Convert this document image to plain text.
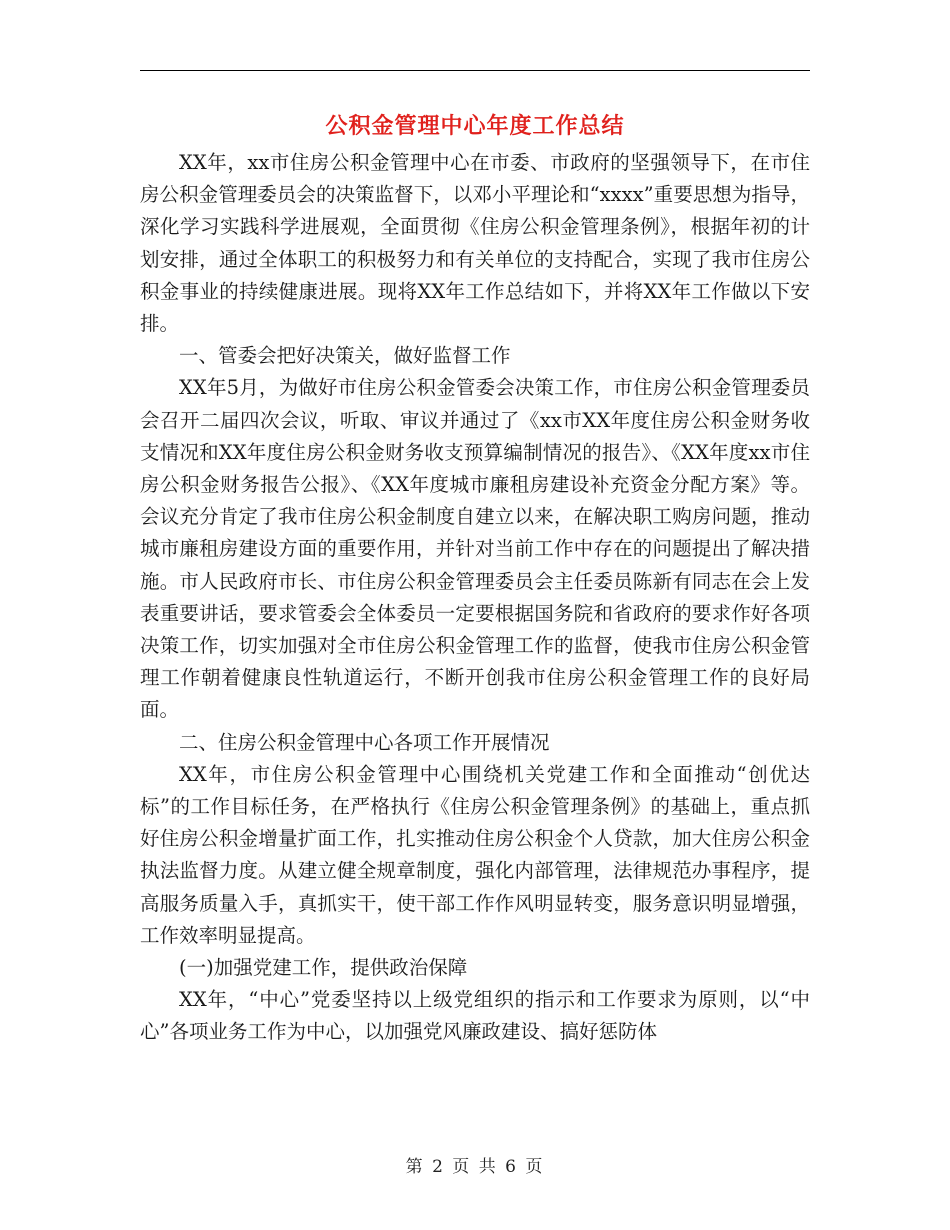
公积金管理中心年度工作总结

XX年，xx市住房公积金管理中心在市委、市政府的坚强领导下，在市住房公积金管理委员会的决策监督下，以邓小平理论和“xxxx”重要思想为指导，深化学习实践科学进展观，全面贯彻《住房公积金管理条例》，根据年初的计划安排，通过全体职工的积极努力和有关单位的支持配合，实现了我市住房公积金事业的持续健康进展。现将XX年工作总结如下，并将XX年工作做以下安排。

一、管委会把好决策关，做好监督工作

XX年5月，为做好市住房公积金管委会决策工作，市住房公积金管理委员会召开二届四次会议，听取、审议并通过了《xx市XX年度住房公积金财务收支情况和XX年度住房公积金财务收支预算编制情况的报告》、《XX年度xx市住房公积金财务报告公报》、《XX年度城市廉租房建设补充资金分配方案》等。会议充分肯定了我市住房公积金制度自建立以来，在解决职工购房问题，推动城市廉租房建设方面的重要作用，并针对当前工作中存在的问题提出了解决措施。市人民政府市长、市住房公积金管理委员会主任委员陈新有同志在会上发表重要讲话，要求管委会全体委员一定要根据国务院和省政府的要求作好各项决策工作，切实加强对全市住房公积金管理工作的监督，使我市住房公积金管理工作朝着健康良性轨道运行，不断开创我市住房公积金管理工作的良好局面。

二、住房公积金管理中心各项工作开展情况

XX年，市住房公积金管理中心围绕机关党建工作和全面推动“创优达标”的工作目标任务，在严格执行《住房公积金管理条例》的基础上，重点抓好住房公积金增量扩面工作，扎实推动住房公积金个人贷款，加大住房公积金执法监督力度。从建立健全规章制度，强化内部管理，法律规范办事程序，提高服务质量入手，真抓实干，使干部工作作风明显转变，服务意识明显增强，工作效率明显提高。

(一)加强党建工作，提供政治保障

XX年，“中心”党委坚持以上级党组织的指示和工作要求为原则，以“中心”各项业务工作为中心，以加强党风廉政建设、搞好惩防体

第 2 页 共 6 页
